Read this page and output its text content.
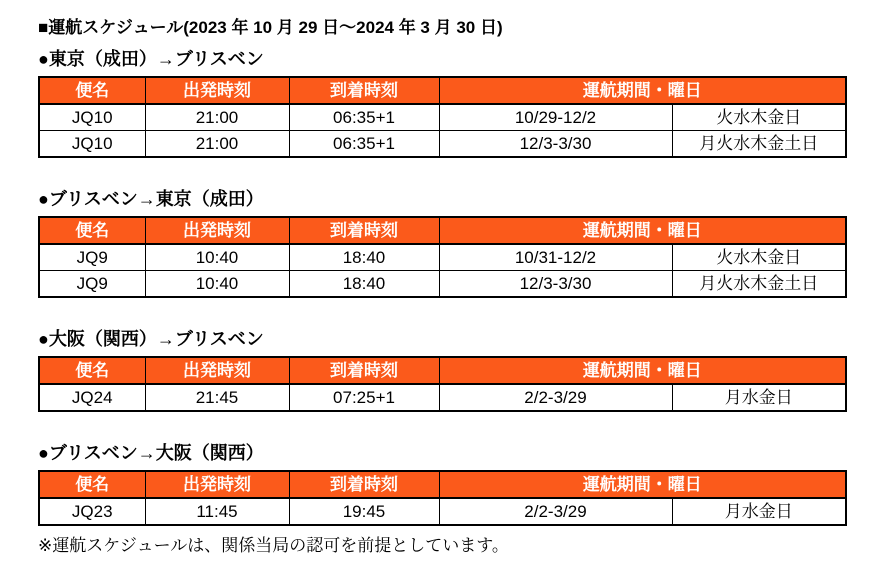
■運航スケジュール(2023 年 10 月 29 日～2024 年 3 月 30 日)
●東京（成田）→ブリスベン
便名	出発時刻	到着時刻	運航期間・曜日	
JQ10	21:00	06:35+1	10/29-12/2	火水木金日
JQ10	21:00	06:35+1	12/3-3/30	月火水木金土日
●ブリスベン→東京（成田）
便名	出発時刻	到着時刻	運航期間・曜日	
JQ9	10:40	18:40	10/31-12/2	火水木金日
JQ9	10:40	18:40	12/3-3/30	月火水木金土日
●大阪（関西）→ブリスベン
便名	出発時刻	到着時刻	運航期間・曜日	
JQ24	21:45	07:25+1	2/2-3/29	月水金日
●ブリスベン→大阪（関西）
便名	出発時刻	到着時刻	運航期間・曜日	
JQ23	11:45	19:45	2/2-3/29	月水金日

※運航スケジュールは、関係当局の認可を前提としています。
